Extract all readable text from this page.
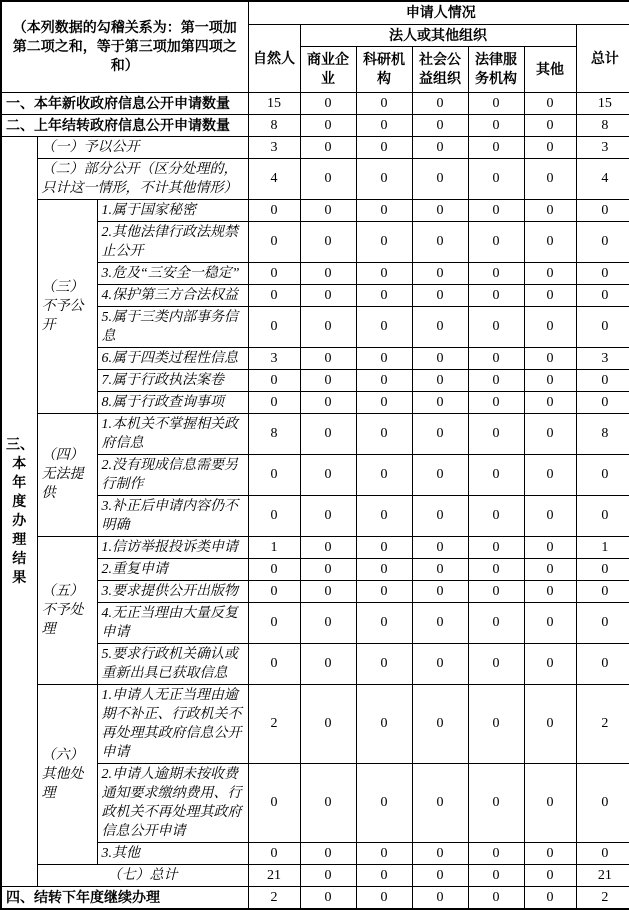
（本列数据的勾稽关系为：第一项加第二项之和，等于第三项加第四项之和）			申请人情况						
			自然人	法人或其他组织					总计
				商业企业	科研机构	社会公益组织	法律服务机构	其他	
一、本年新收政府信息公开申请数量			15	0	0	0	0	0	15
二、上年结转政府信息公开申请数量			8	0	0	0	0	0	8
三、本年度办理结果	（一）予以公开		3	0	0	0	0	0	3
	（二）部分公开（区分处理的，只计这一情形，不计其他情形）		4	0	0	0	0	0	4
	（三）不予公开	1.属于国家秘密	0	0	0	0	0	0	0
		2.其他法律行政法规禁止公开	0	0	0	0	0	0	0
		3.危及“三安全一稳定”	0	0	0	0	0	0	0
		4.保护第三方合法权益	0	0	0	0	0	0	0
		5.属于三类内部事务信息	0	0	0	0	0	0	0
		6.属于四类过程性信息	3	0	0	0	0	0	3
		7.属于行政执法案卷	0	0	0	0	0	0	0
		8.属于行政查询事项	0	0	0	0	0	0	0
	（四）无法提供	1.本机关不掌握相关政府信息	8	0	0	0	0	0	8
		2.没有现成信息需要另行制作	0	0	0	0	0	0	0
		3.补正后申请内容仍不明确	0	0	0	0	0	0	0
	（五）不予处理	1.信访举报投诉类申请	1	0	0	0	0	0	1
		2.重复申请	0	0	0	0	0	0	0
		3.要求提供公开出版物	0	0	0	0	0	0	0
		4.无正当理由大量反复申请	0	0	0	0	0	0	0
		5.要求行政机关确认或重新出具已获取信息	0	0	0	0	0	0	0
	（六）其他处理	1.申请人无正当理由逾期不补正、行政机关不再处理其政府信息公开申请	2	0	0	0	0	0	2
		2.申请人逾期未按收费通知要求缴纳费用、行政机关不再处理其政府信息公开申请	0	0	0	0	0	0	0
		3.其他	0	0	0	0	0	0	0
	（七）总计		21	0	0	0	0	0	21
四、结转下年度继续办理			2	0	0	0	0	0	2
